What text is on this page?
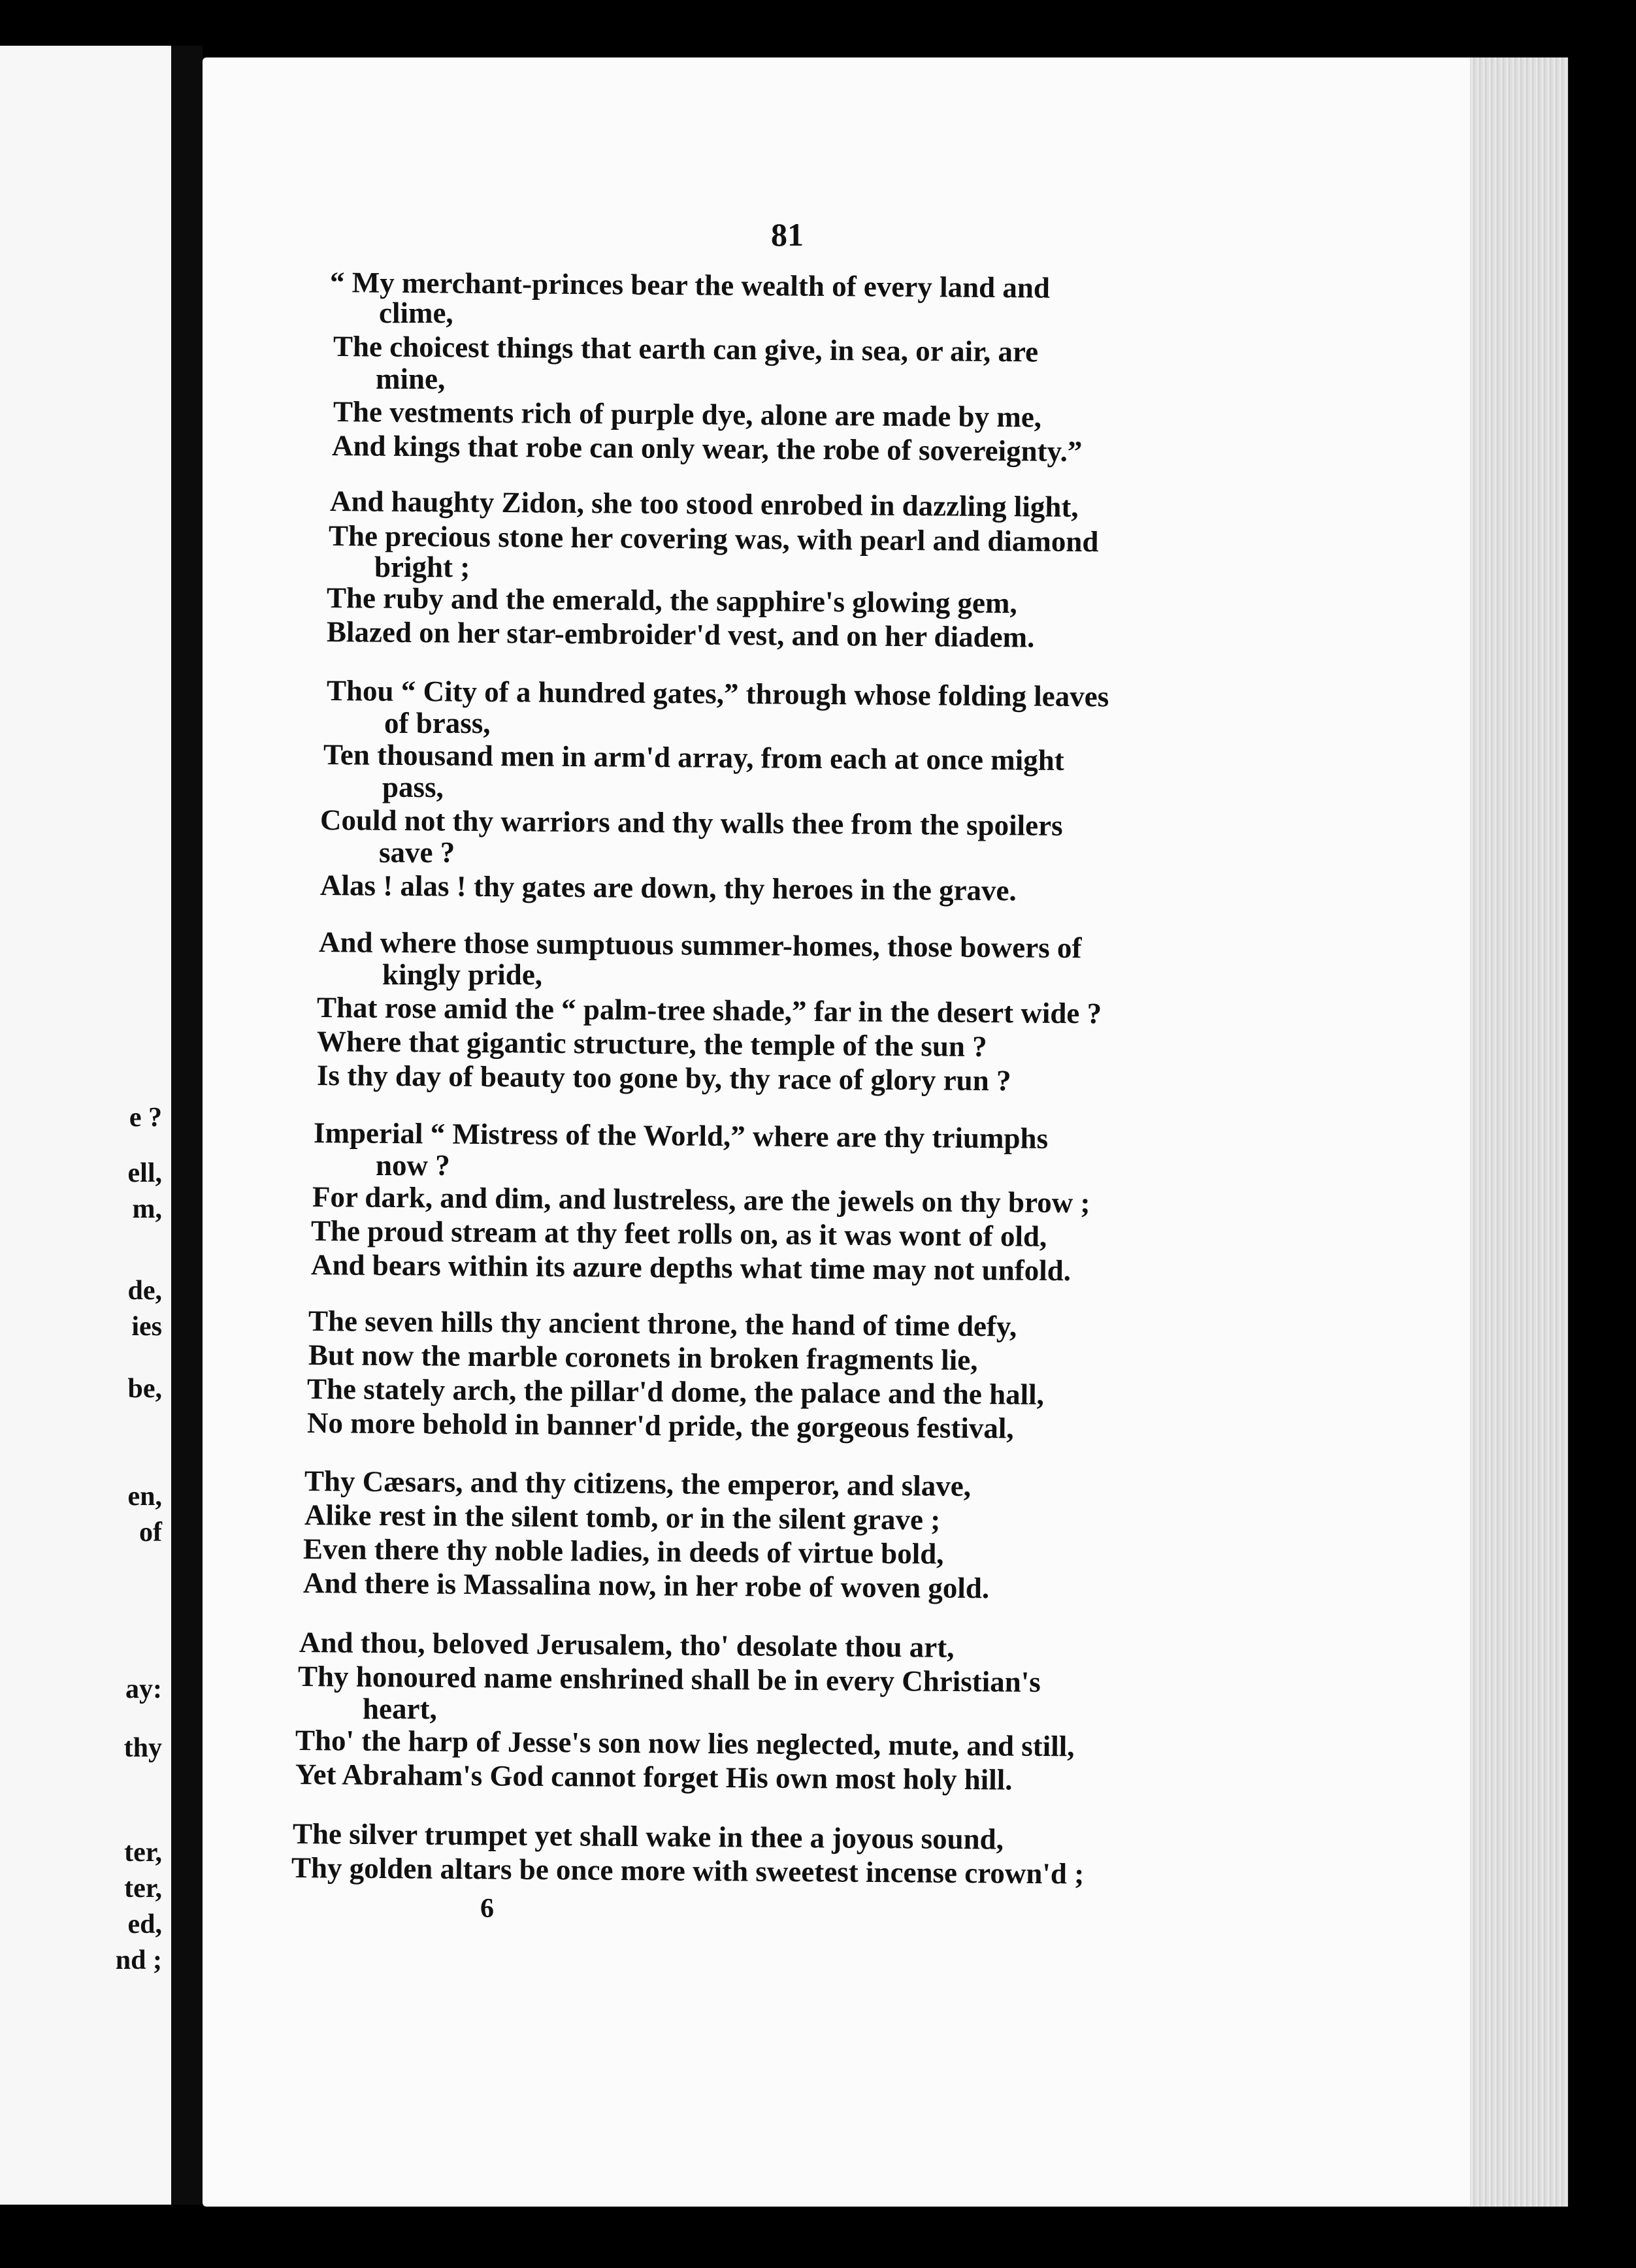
e ?
ell,
m,
de,
ies
be,
en,
of
ay:
thy
ter,
ter,
ed,
nd ;
81
“ My merchant-princes bear the wealth of every land and
clime,
The choicest things that earth can give, in sea, or air, are
mine,
The vestments rich of purple dye, alone are made by me,
And kings that robe can only wear, the robe of sovereignty.”
And haughty Zidon, she too stood enrobed in dazzling light,
The precious stone her covering was, with pearl and diamond
bright ;
The ruby and the emerald, the sapphire's glowing gem,
Blazed on her star-embroider'd vest, and on her diadem.
Thou “ City of a hundred gates,” through whose folding leaves
of brass,
Ten thousand men in arm'd array, from each at once might
pass,
Could not thy warriors and thy walls thee from the spoilers
save ?
Alas ! alas ! thy gates are down, thy heroes in the grave.
And where those sumptuous summer-homes, those bowers of
kingly pride,
That rose amid the “ palm-tree shade,” far in the desert wide ?
Where that gigantic structure, the temple of the sun ?
Is thy day of beauty too gone by, thy race of glory run ?
Imperial “ Mistress of the World,” where are thy triumphs
now ?
For dark, and dim, and lustreless, are the jewels on thy brow ;
The proud stream at thy feet rolls on, as it was wont of old,
And bears within its azure depths what time may not unfold.
The seven hills thy ancient throne, the hand of time defy,
But now the marble coronets in broken fragments lie,
The stately arch, the pillar'd dome, the palace and the hall,
No more behold in banner'd pride, the gorgeous festival,
Thy Cæsars, and thy citizens, the emperor, and slave,
Alike rest in the silent tomb, or in the silent grave ;
Even there thy noble ladies, in deeds of virtue bold,
And there is Massalina now, in her robe of woven gold.
And thou, beloved Jerusalem, tho' desolate thou art,
Thy honoured name enshrined shall be in every Christian's
heart,
Tho' the harp of Jesse's son now lies neglected, mute, and still,
Yet Abraham's God cannot forget His own most holy hill.
The silver trumpet yet shall wake in thee a joyous sound,
Thy golden altars be once more with sweetest incense crown'd ;
6
